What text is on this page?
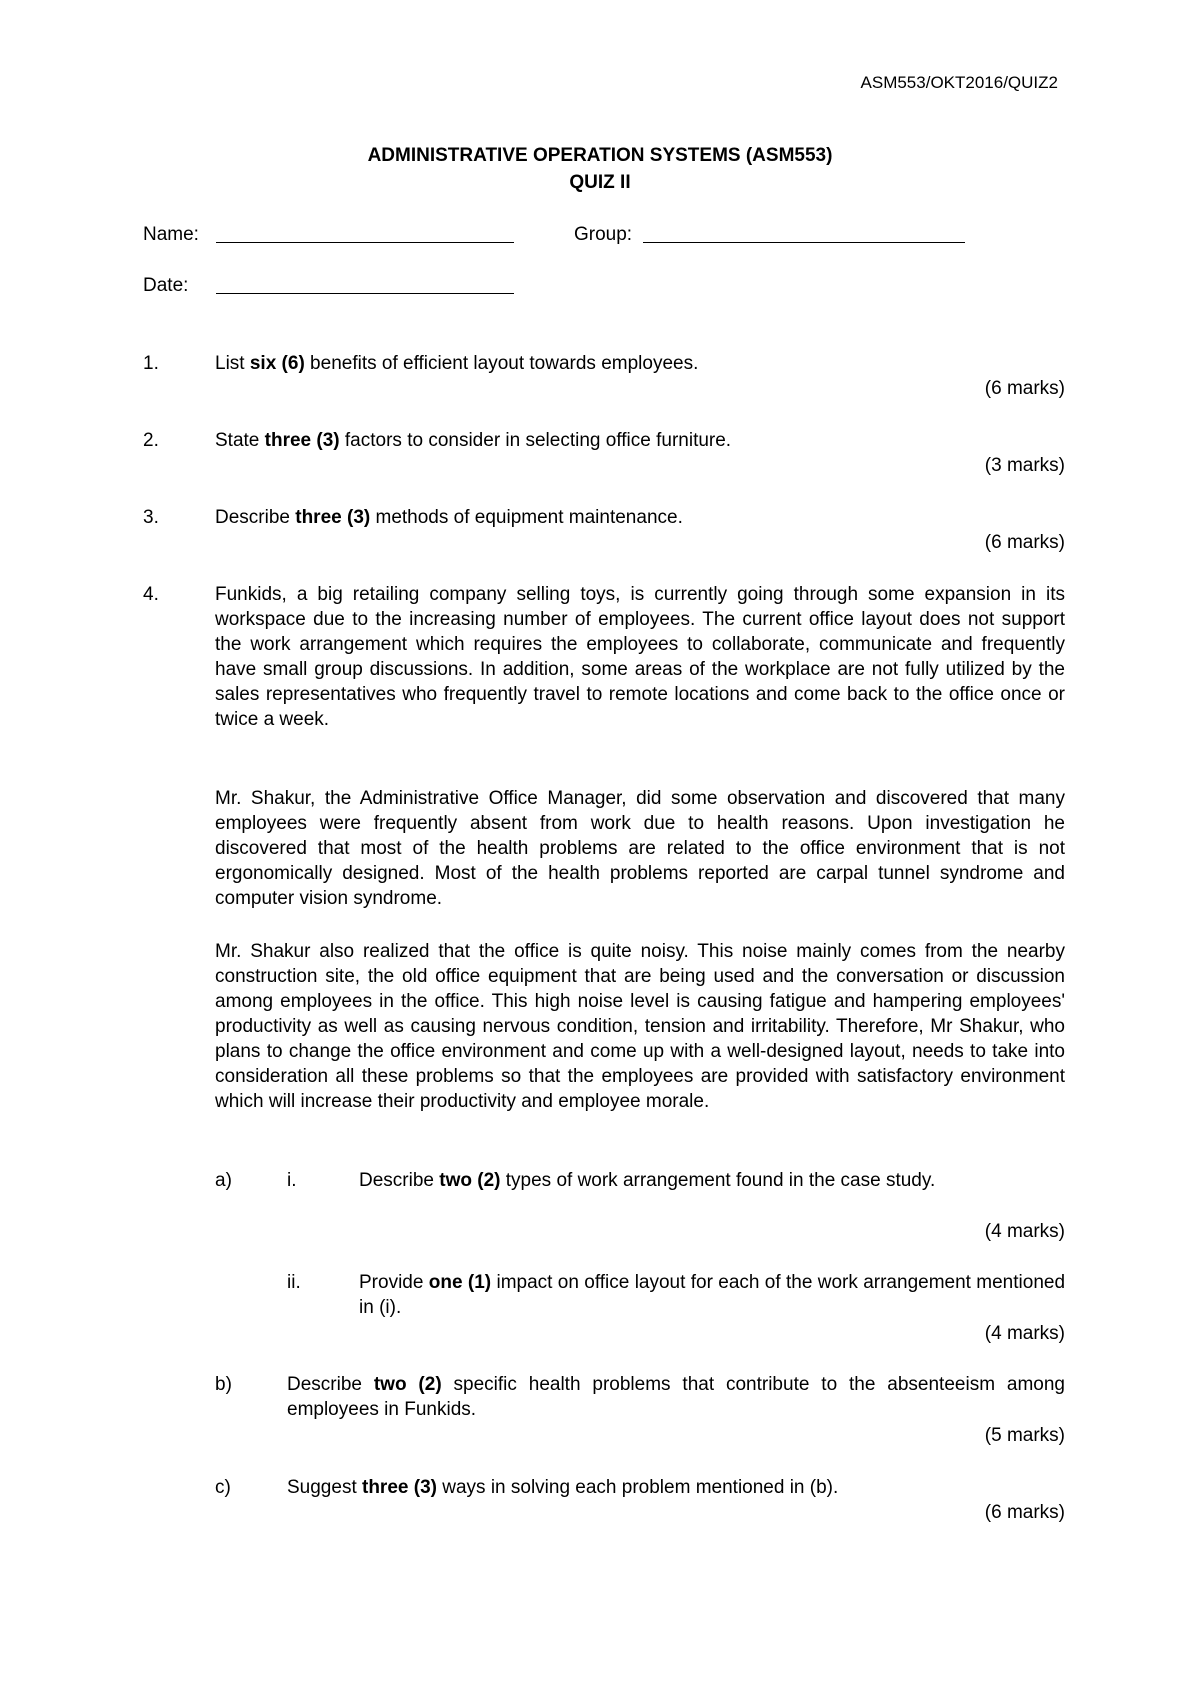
ASM553/OKT2016/QUIZ2
ADMINISTRATIVE OPERATION SYSTEMS (ASM553)
QUIZ II
Name:	Group:
Date:
1.	List six (6) benefits of efficient layout towards employees.
(6 marks)
2.	State three (3) factors to consider in selecting office furniture.
(3 marks)
3.	Describe three (3) methods of equipment maintenance.
(6 marks)
4.	Funkids, a big retailing company selling toys, is currently going through some expansion in its workspace due to the increasing number of employees. The current office layout does not support the work arrangement which requires the employees to collaborate, communicate and frequently have small group discussions. In addition, some areas of the workplace are not fully utilized by the sales representatives who frequently travel to remote locations and come back to the office once or twice a week.
Mr. Shakur, the Administrative Office Manager, did some observation and discovered that many employees were frequently absent from work due to health reasons. Upon investigation he discovered that most of the health problems are related to the office environment that is not ergonomically designed. Most of the health problems reported are carpal tunnel syndrome and computer vision syndrome.
Mr. Shakur also realized that the office is quite noisy. This noise mainly comes from the nearby construction site, the old office equipment that are being used and the conversation or discussion among employees in the office. This high noise level is causing fatigue and hampering employees' productivity as well as causing nervous condition, tension and irritability. Therefore, Mr Shakur, who plans to change the office environment and come up with a well-designed layout, needs to take into consideration all these problems so that the employees are provided with satisfactory environment which will increase their productivity and employee morale.
a)	i.	Describe two (2) types of work arrangement found in the case study.
(4 marks)
ii.	Provide one (1) impact on office layout for each of the work arrangement mentioned in (i).
(4 marks)
b)	Describe two (2) specific health problems that contribute to the absenteeism among employees in Funkids.
(5 marks)
c)	Suggest three (3) ways in solving each problem mentioned in (b).
(6 marks)
